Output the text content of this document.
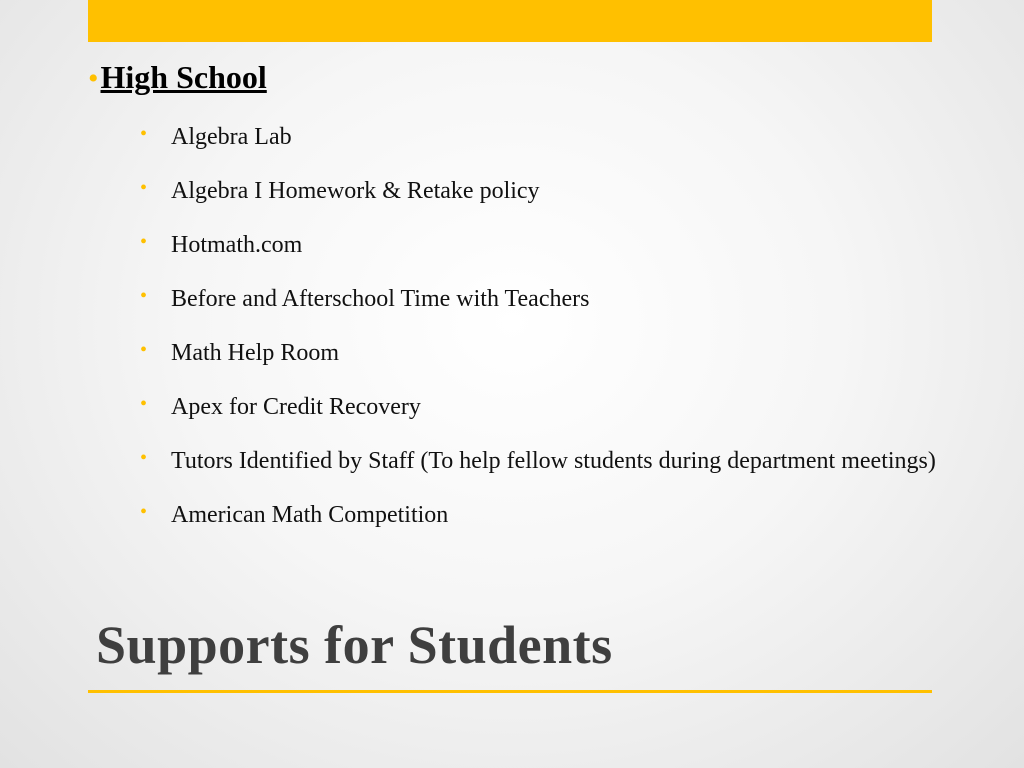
• High School
• Algebra Lab
• Algebra I Homework & Retake policy
• Hotmath.com
• Before and Afterschool Time with Teachers
• Math Help Room
• Apex for Credit Recovery
• Tutors Identified by Staff (To help fellow students during department meetings)
• American Math Competition
Supports for Students
